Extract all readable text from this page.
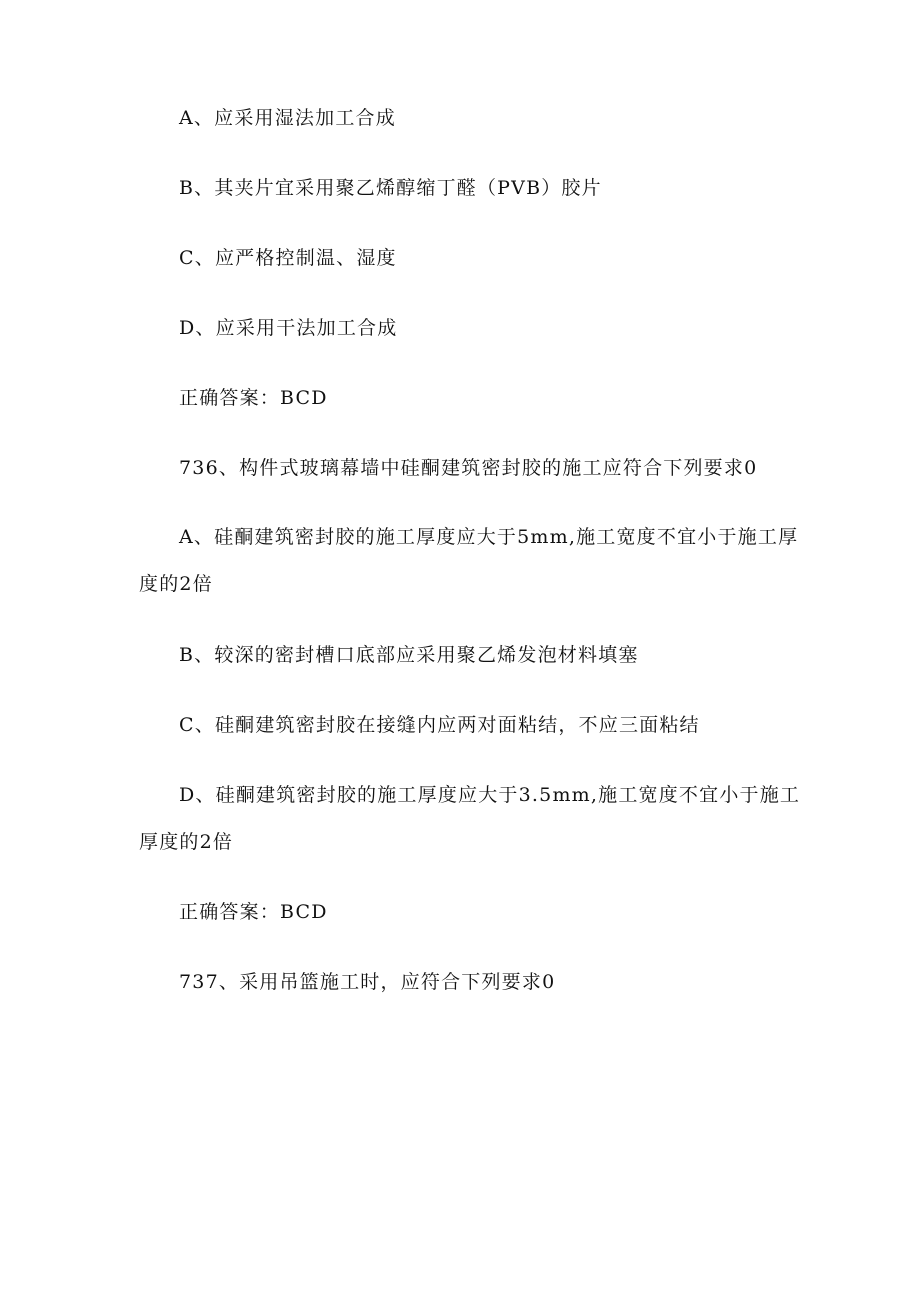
A、应采用湿法加工合成
B、其夹片宜采用聚乙烯醇缩丁醛（PVB）胶片
C、应严格控制温、湿度
D、应采用干法加工合成
正确答案：BCD
736、构件式玻璃幕墙中硅酮建筑密封胶的施工应符合下列要求0
A、硅酮建筑密封胶的施工厚度应大于5mm,施工宽度不宜小于施工厚
度的2倍
B、较深的密封槽口底部应采用聚乙烯发泡材料填塞
C、硅酮建筑密封胶在接缝内应两对面粘结，不应三面粘结
D、硅酮建筑密封胶的施工厚度应大于3.5mm,施工宽度不宜小于施工
厚度的2倍
正确答案：BCD
737、采用吊篮施工时，应符合下列要求0
